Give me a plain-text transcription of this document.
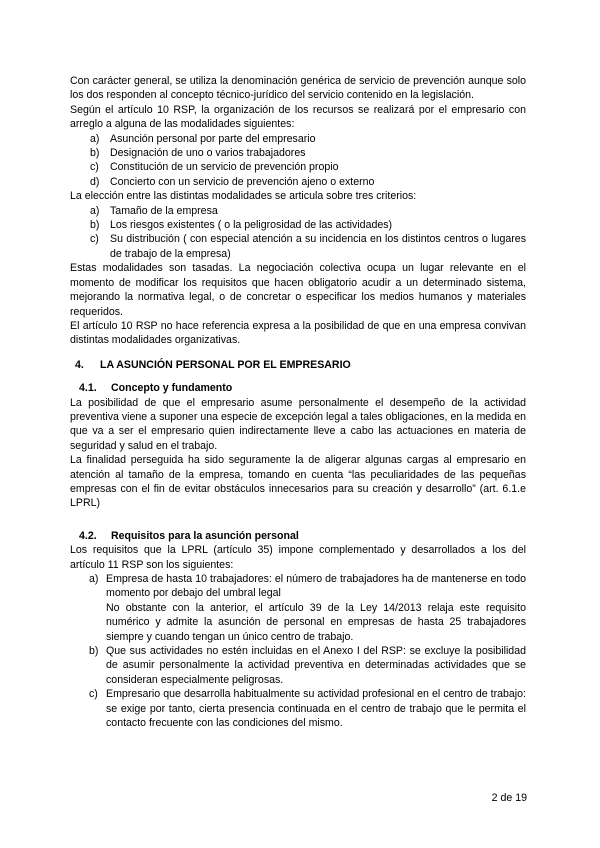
Con carácter general, se utiliza la denominación genérica de servicio de prevención aunque solo los dos responden al concepto técnico-jurídico del servicio contenido en la legislación.

Según el artículo 10 RSP, la organización de los recursos se realizará por el empresario con arreglo a alguna de las modalidades siguientes:

a) Asunción personal por parte del empresario
b) Designación de uno o varios trabajadores
c)	Constitución de un servicio de prevención propio
d) Concierto con un servicio de prevención ajeno o externo

La elección entre las distintas modalidades se articula sobre tres criterios:

a) Tamaño de la empresa
b) Los riesgos existentes ( o la peligrosidad de las actividades)
c)	Su distribución ( con especial atención a su incidencia en los distintos centros o lugares de trabajo de la empresa)

Estas modalidades son tasadas. La negociación colectiva ocupa un lugar relevante en el momento de modificar los requisitos que hacen obligatorio acudir a un determinado sistema, mejorando la normativa legal, o de concretar o especificar los medios humanos y materiales requeridos.

El artículo 10 RSP no hace referencia expresa a la posibilidad de que en una empresa convivan distintas modalidades organizativas.

4.	LA ASUNCIÓN PERSONAL POR EL EMPRESARIO
4.1.	Concepto y fundamento

La posibilidad de que el empresario asume personalmente el desempeño de la actividad preventiva viene a suponer una especie de excepción legal a tales obligaciones, en la medida en que va a ser el empresario quien indirectamente lleve a cabo las actuaciones en materia de seguridad y salud en el trabajo.

La finalidad perseguida ha sido seguramente la de aligerar algunas cargas al empresario en atención al tamaño de la empresa, tomando en cuenta “las peculiaridades de las pequeñas empresas con el fin de evitar obstáculos innecesarios para su creación y desarrollo” (art. 6.1.e LPRL)

4.2.	Requisitos para la asunción personal

Los requisitos que la LPRL (artículo 35) impone complementado y desarrollados a los del artículo 11 RSP son los siguientes:

a) Empresa de hasta 10 trabajadores: el número de trabajadores ha de mantenerse en todo momento por debajo del umbral legal

No obstante con la anterior, el artículo 39 de la Ley 14/2013 relaja este requisito numérico y admite la asunción de personal en empresas de hasta 25 trabajadores siempre y cuando tengan un único centro de trabajo.

b) Que sus actividades no estén incluidas en el Anexo I del RSP: se excluye la posibilidad de asumir personalmente la actividad preventiva en determinadas actividades que se consideran especialmente peligrosas.
c) Empresario que desarrolla habitualmente su actividad profesional en el centro de trabajo: se exige por tanto, cierta presencia continuada en el centro de trabajo que le permita el contacto frecuente con las condiciones del mismo.
2 de 19
